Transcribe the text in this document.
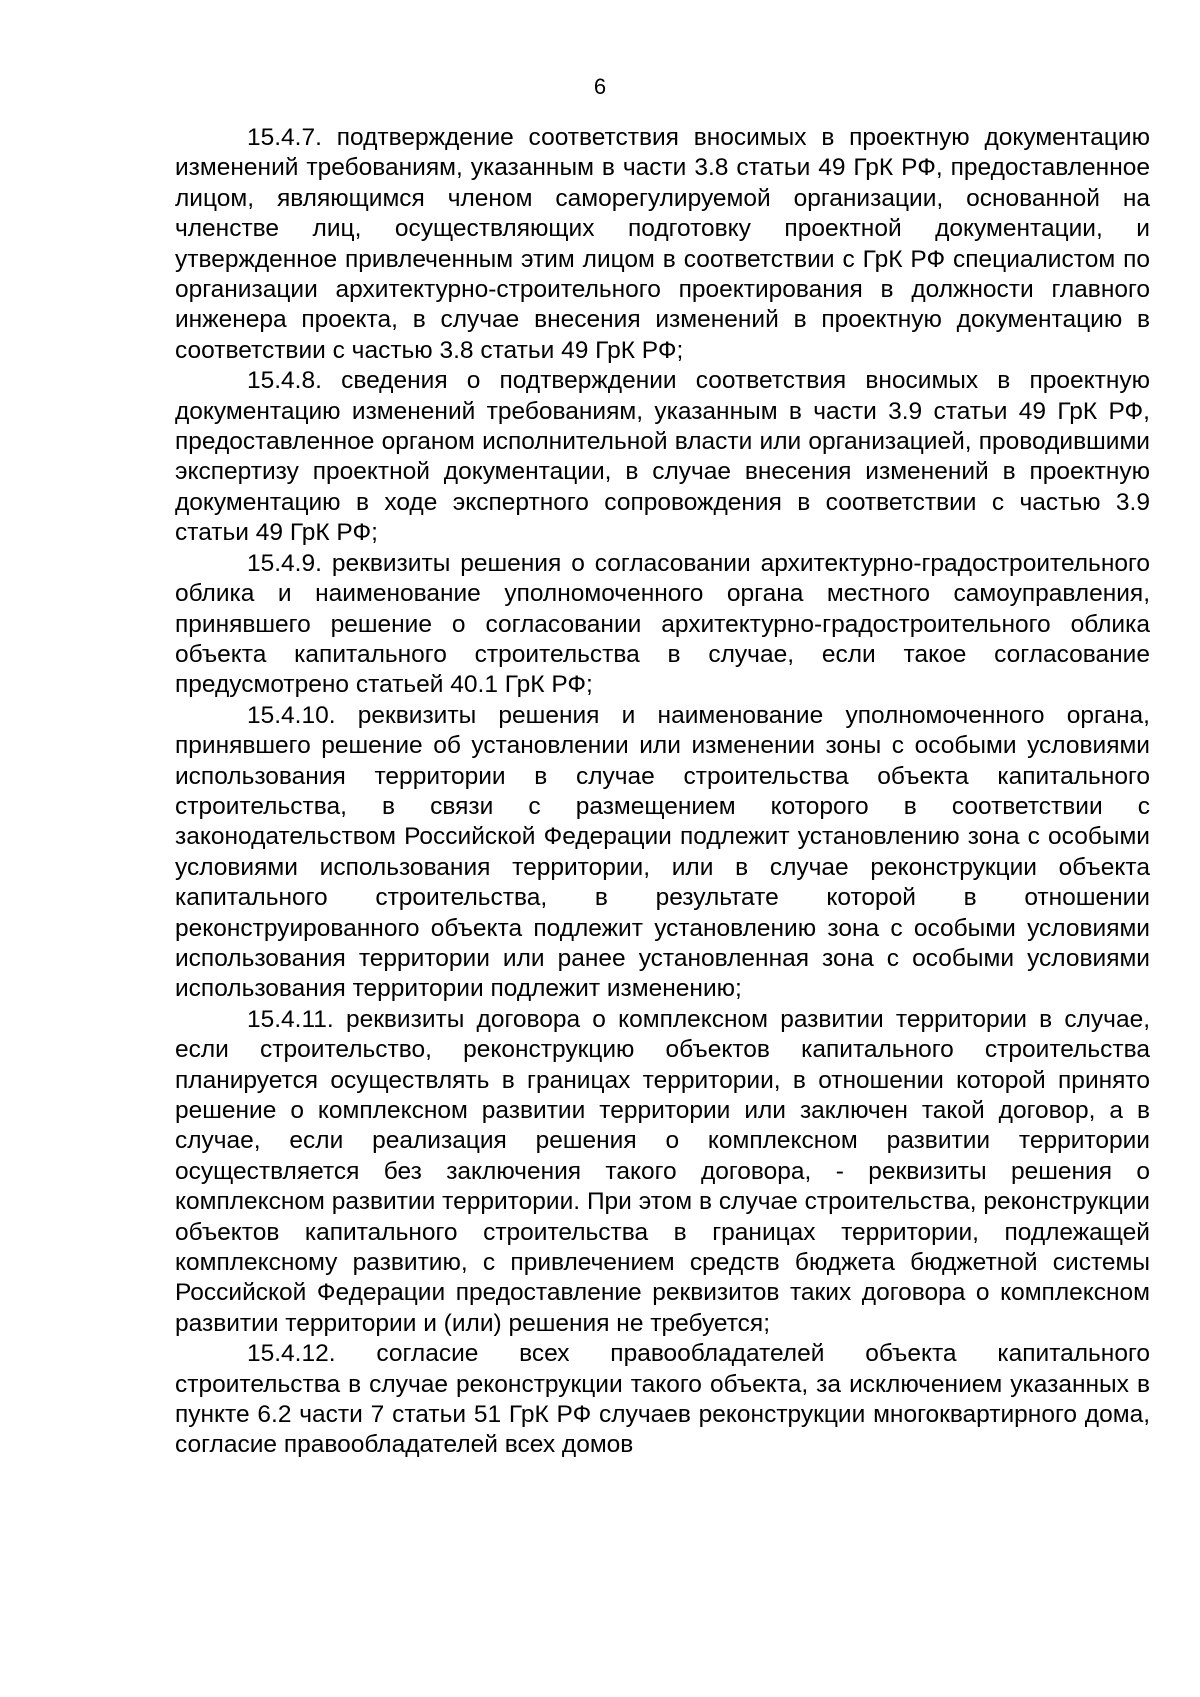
6

15.4.7. подтверждение соответствия вносимых в проектную документацию изменений требованиям, указанным в части 3.8 статьи 49 ГрК РФ, предоставленное лицом, являющимся членом саморегулируемой организации, основанной на членстве лиц, осуществляющих подготовку проектной документации, и утвержденное привлеченным этим лицом в соответствии с ГрК РФ специалистом по организации архитектурно-строительного проектирования в должности главного инженера проекта, в случае внесения изменений в проектную документацию в соответствии с частью 3.8 статьи 49 ГрК РФ;

15.4.8. сведения о подтверждении соответствия вносимых в проектную документацию изменений требованиям, указанным в части 3.9 статьи 49 ГрК РФ, предоставленное органом исполнительной власти или организацией, проводившими экспертизу проектной документации, в случае внесения изменений в проектную документацию в ходе экспертного сопровождения в соответствии с частью 3.9 статьи 49 ГрК РФ;

15.4.9. реквизиты решения о согласовании архитектурно-градостроительного облика и наименование уполномоченного органа местного самоуправления, принявшего решение о согласовании архитектурно-градостроительного облика объекта капитального строительства в случае, если такое согласование предусмотрено статьей 40.1 ГрК РФ;

15.4.10. реквизиты решения и наименование уполномоченного органа, принявшего решение об установлении или изменении зоны с особыми условиями использования территории в случае строительства объекта капитального строительства, в связи с размещением которого в соответствии с законодательством Российской Федерации подлежит установлению зона с особыми условиями использования территории, или в случае реконструкции объекта капитального строительства, в результате которой в отношении реконструированного объекта подлежит установлению зона с особыми условиями использования территории или ранее установленная зона с особыми условиями использования территории подлежит изменению;

15.4.11. реквизиты договора о комплексном развитии территории в случае, если строительство, реконструкцию объектов капитального строительства планируется осуществлять в границах территории, в отношении которой принято решение о комплексном развитии территории или заключен такой договор, а в случае, если реализация решения о комплексном развитии территории осуществляется без заключения такого договора, - реквизиты решения о комплексном развитии территории. При этом в случае строительства, реконструкции объектов капитального строительства в границах территории, подлежащей комплексному развитию, с привлечением средств бюджета бюджетной системы Российской Федерации предоставление реквизитов таких договора о комплексном развитии территории и (или) решения не требуется;

15.4.12. согласие всех правообладателей объекта капитального строительства в случае реконструкции такого объекта, за исключением указанных в пункте 6.2 части 7 статьи 51 ГрК РФ случаев реконструкции многоквартирного дома, согласие правообладателей всех домов
